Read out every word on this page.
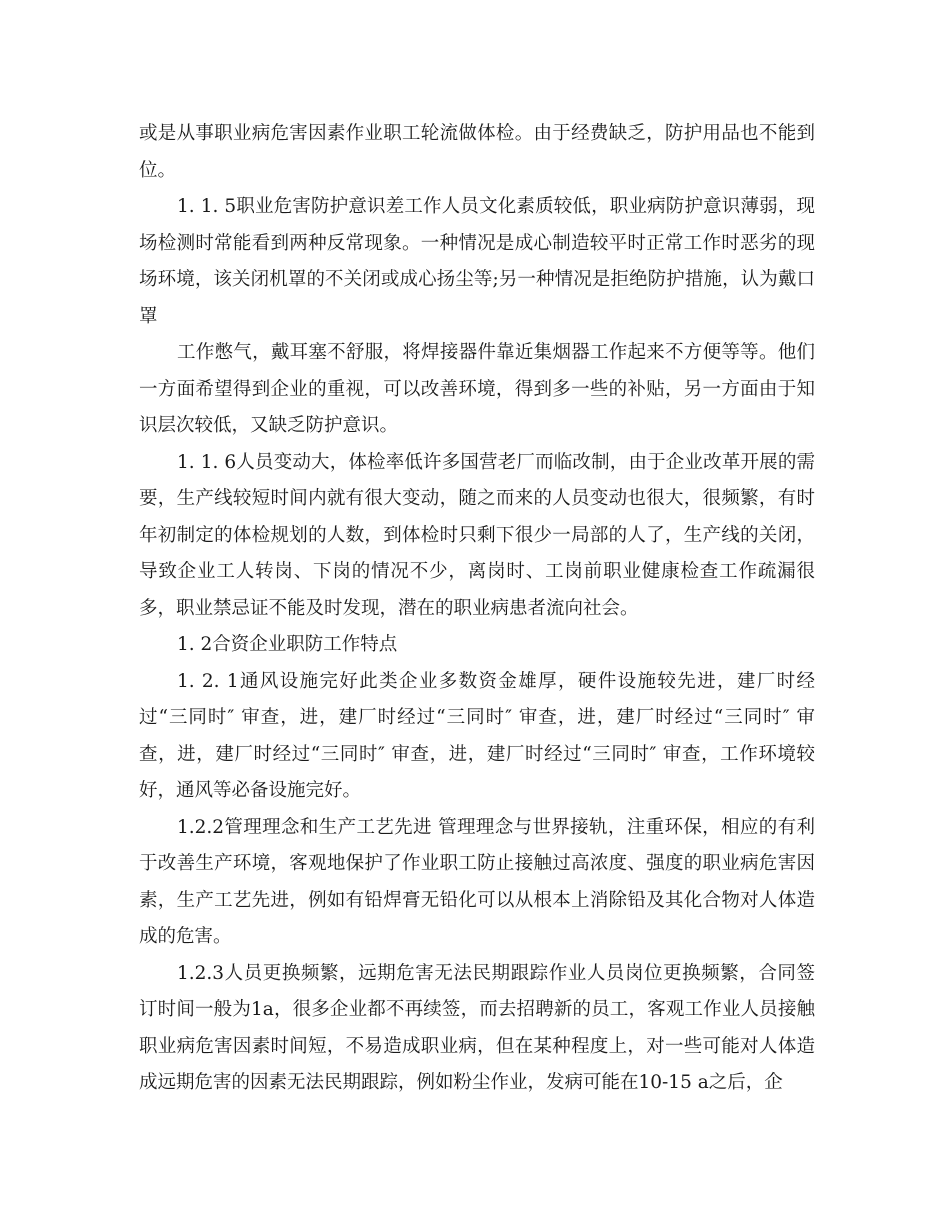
或是从事职业病危害因素作业职工轮流做体检。由于经费缺乏，防护用品也不能到位。

1. 1. 5职业危害防护意识差工作人员文化素质较低，职业病防护意识薄弱，现场检测时常能看到两种反常现象。一种情况是成心制造较平时正常工作时恶劣的现场环境，该关闭机罩的不关闭或成心扬尘等;另一种情况是拒绝防护措施，认为戴口罩

工作憋气，戴耳塞不舒服，将焊接器件靠近集烟器工作起来不方便等等。他们一方面希望得到企业的重视，可以改善环境，得到多一些的补贴，另一方面由于知识层次较低，又缺乏防护意识。

1. 1. 6人员变动大，体检率低许多国营老厂而临改制，由于企业改革开展的需要，生产线较短时间内就有很大变动，随之而来的人员变动也很大，很频繁，有时年初制定的体检规划的人数，到体检时只剩下很少一局部的人了，生产线的关闭，导致企业工人转岗、下岗的情况不少，离岗时、工岗前职业健康检查工作疏漏很多，职业禁忌证不能及时发现，潜在的职业病患者流向社会。

1. 2合资企业职防工作特点

1. 2. 1通风设施完好此类企业多数资金雄厚，硬件设施较先进，建厂时经过“三同时″ 审查，进，建厂时经过“三同时″ 审查，进，建厂时经过“三同时″ 审查，进，建厂时经过“三同时″ 审查，进，建厂时经过“三同时″ 审查，工作环境较好，通风等必备设施完好。

1.2.2管理理念和生产工艺先进 管理理念与世界接轨，注重环保，相应的有利于改善生产环境，客观地保护了作业职工防止接触过高浓度、强度的职业病危害因素，生产工艺先进，例如有铅焊膏无铅化可以从根本上消除铅及其化合物对人体造成的危害。

1.2.3人员更换频繁，远期危害无法民期跟踪作业人员岗位更换频繁，合同签订时间一般为1a，很多企业都不再续签，而去招聘新的员工，客观工作业人员接触职业病危害因素时间短，不易造成职业病，但在某种程度上，对一些可能对人体造成远期危害的因素无法民期跟踪，例如粉尘作业，发病可能在10-15 a之后，企
